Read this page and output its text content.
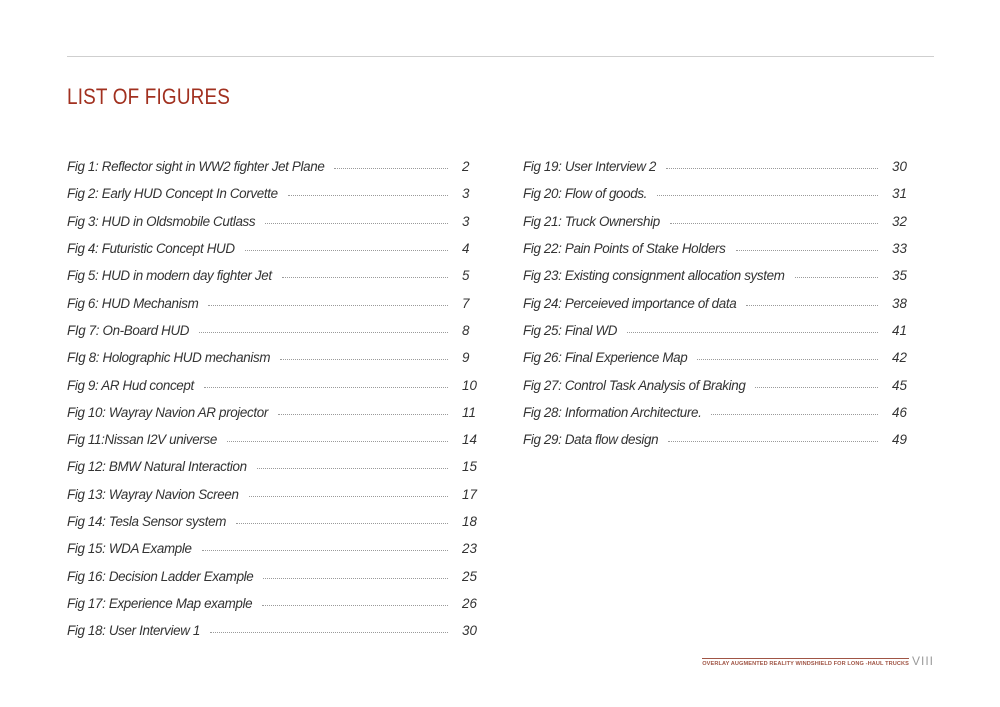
LIST OF FIGURES
Fig 1: Reflector sight in WW2 fighter Jet Plane	2
Fig 2: Early HUD Concept In Corvette	3
Fig 3: HUD in Oldsmobile Cutlass	3
Fig 4: Futuristic Concept HUD	4
Fig 5: HUD in modern day fighter Jet	5
Fig 6: HUD Mechanism	7
FIg 7: On-Board HUD	8
FIg 8: Holographic HUD mechanism	9
Fig 9: AR Hud concept	10
Fig 10: Wayray Navion AR projector	11
Fig 11:Nissan I2V universe	14
Fig 12: BMW Natural Interaction	15
Fig 13: Wayray Navion Screen	17
Fig 14: Tesla Sensor system	18
Fig 15: WDA Example	23
Fig 16: Decision Ladder Example	25
Fig 17: Experience Map example	26
Fig 18: User Interview 1	30
Fig 19: User Interview 2	30
Fig 20: Flow of goods.	31
Fig 21: Truck Ownership	32
Fig 22: Pain Points of Stake Holders	33
Fig 23: Existing consignment allocation system	35
Fig 24: Perceieved importance of data	38
Fig 25: Final WD	41
Fig 26: Final Experience Map	42
Fig 27: Control Task Analysis of Braking	45
Fig 28: Information Architecture.	46
Fig 29: Data flow design	49
OVERLAY AUGMENTED REALITY WINDSHIELD FOR LONG -HAUL TRUCKS VIII
